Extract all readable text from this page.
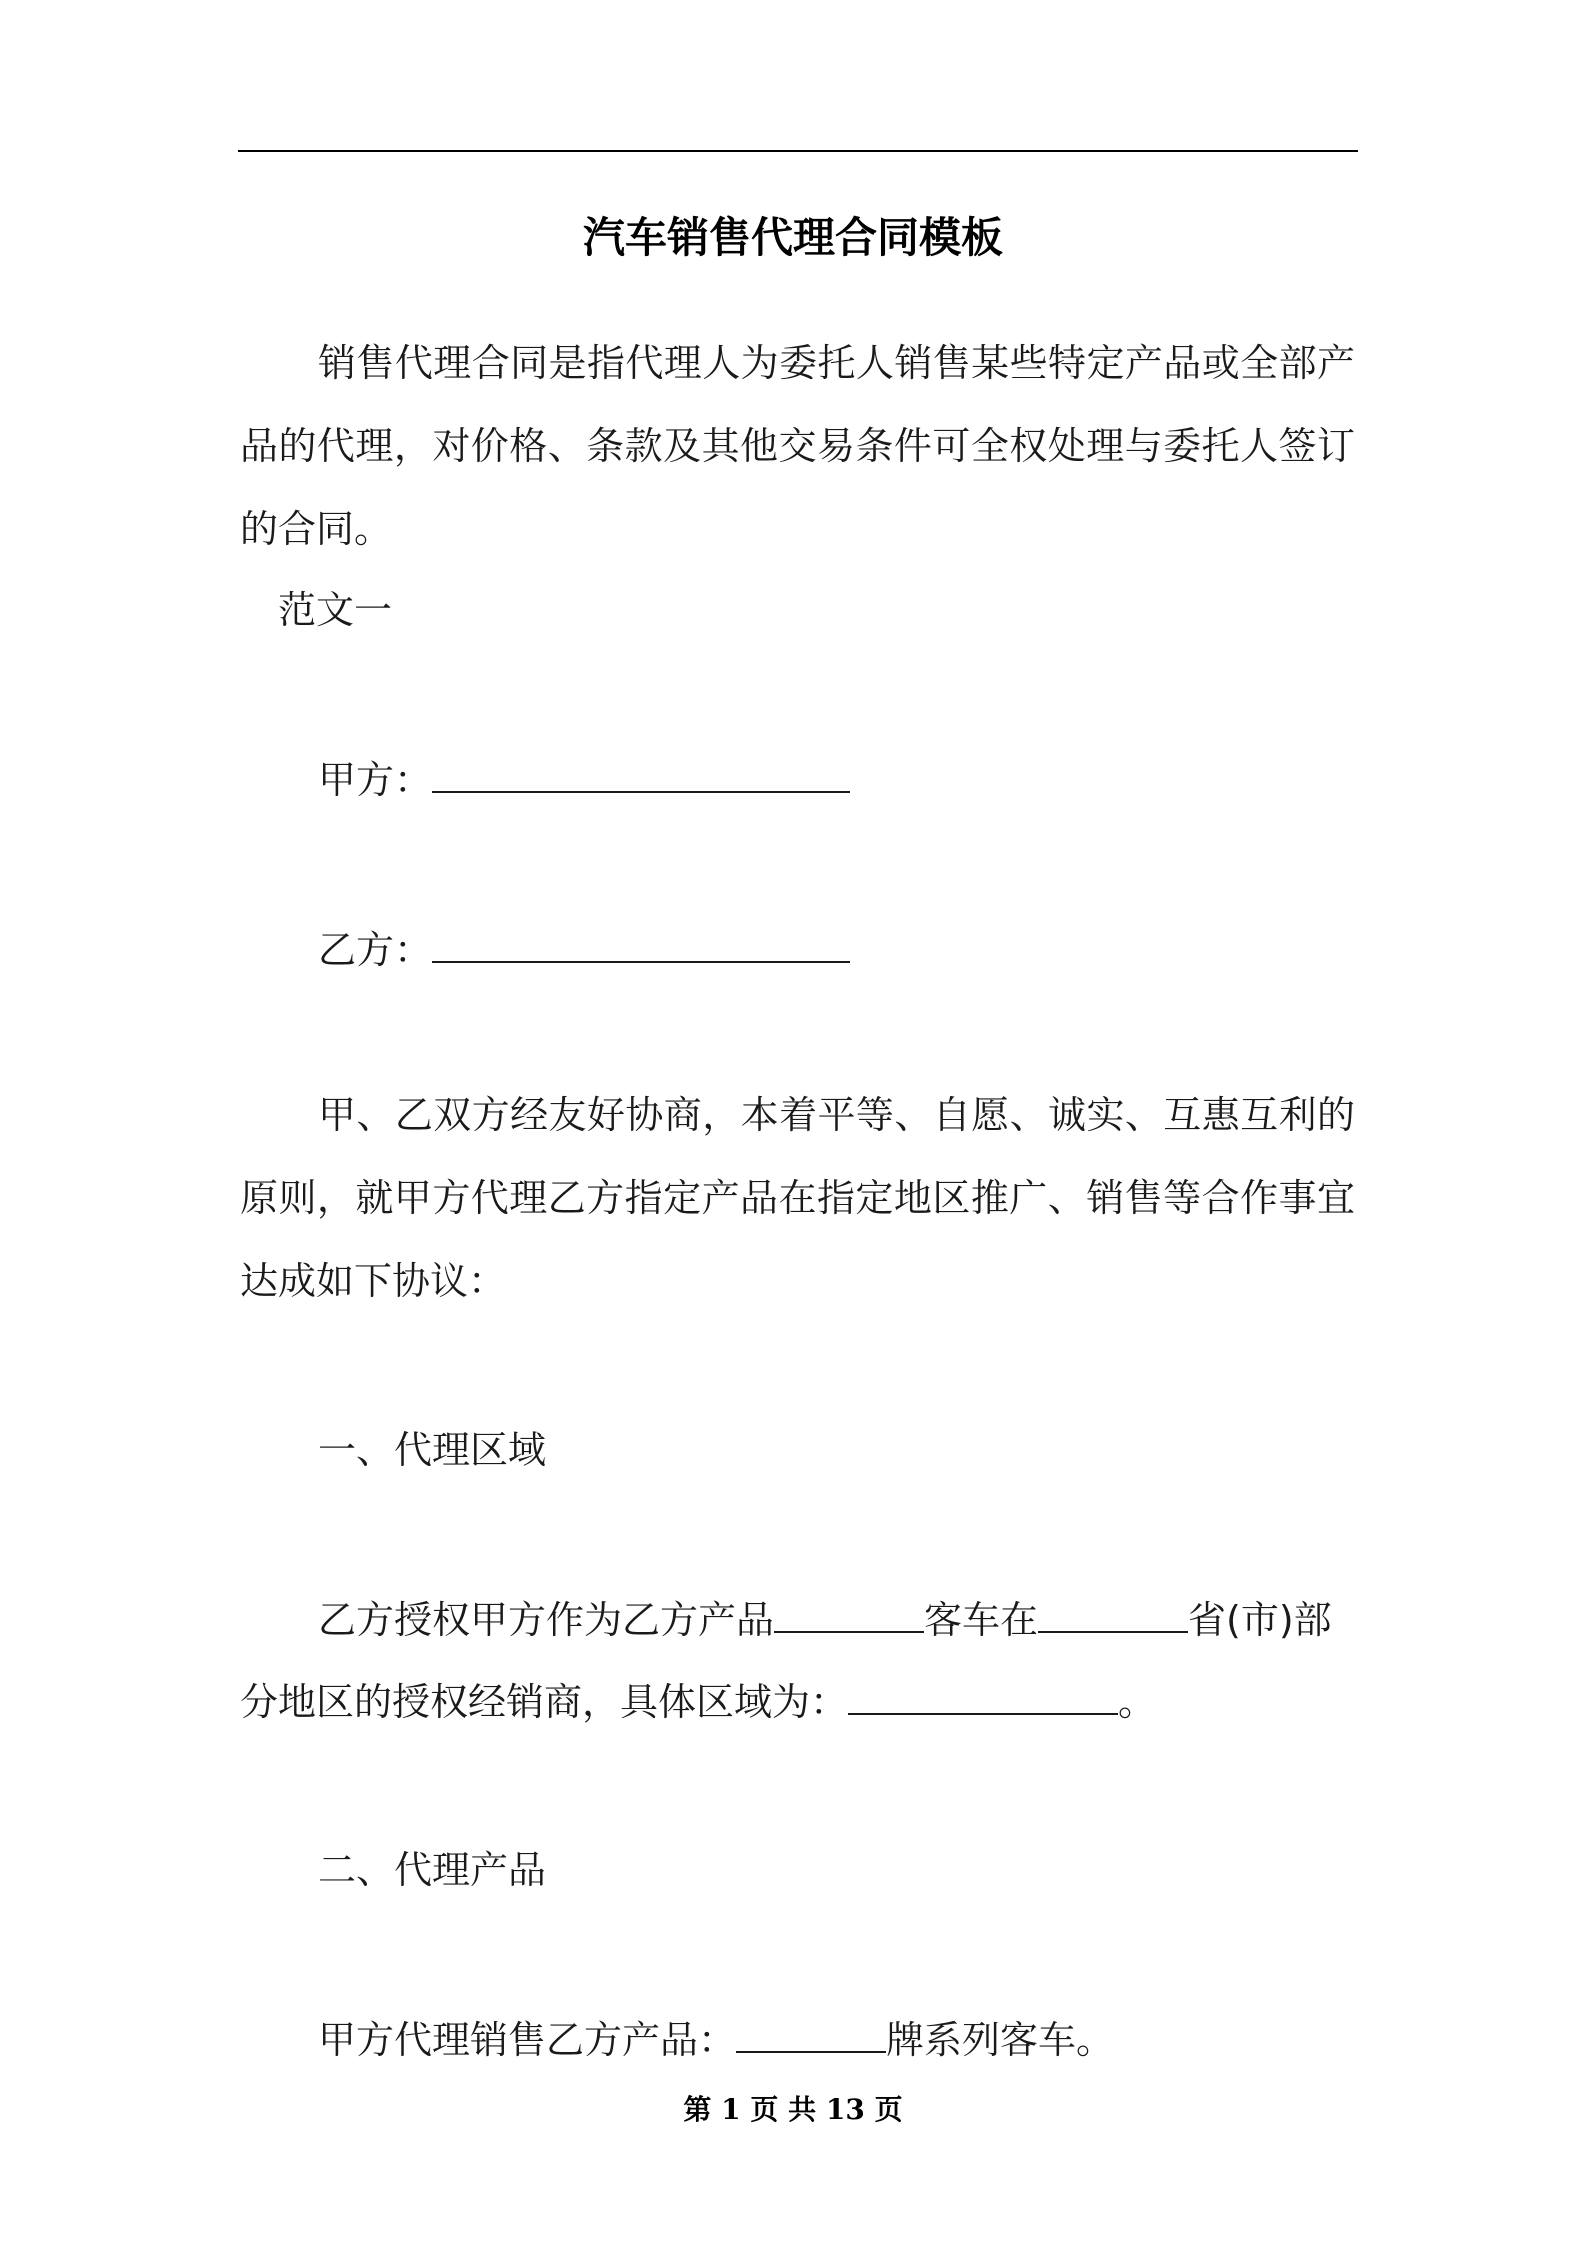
汽车销售代理合同模板

销售代理合同是指代理人为委托人销售某些特定产品或全部产品的代理，对价格、条款及其他交易条件可全权处理与委托人签订的合同。

范文一

甲方：

乙方：

甲、乙双方经友好协商，本着平等、自愿、诚实、互惠互利的原则，就甲方代理乙方指定产品在指定地区推广、销售等合作事宜达成如下协议：

一、代理区域

乙方授权甲方作为乙方产品	客车在	省(市)部

分地区的授权经销商，具体区域为：	。

二、代理产品

甲方代理销售乙方产品：	牌系列客车。

第 1 页 共 13 页
